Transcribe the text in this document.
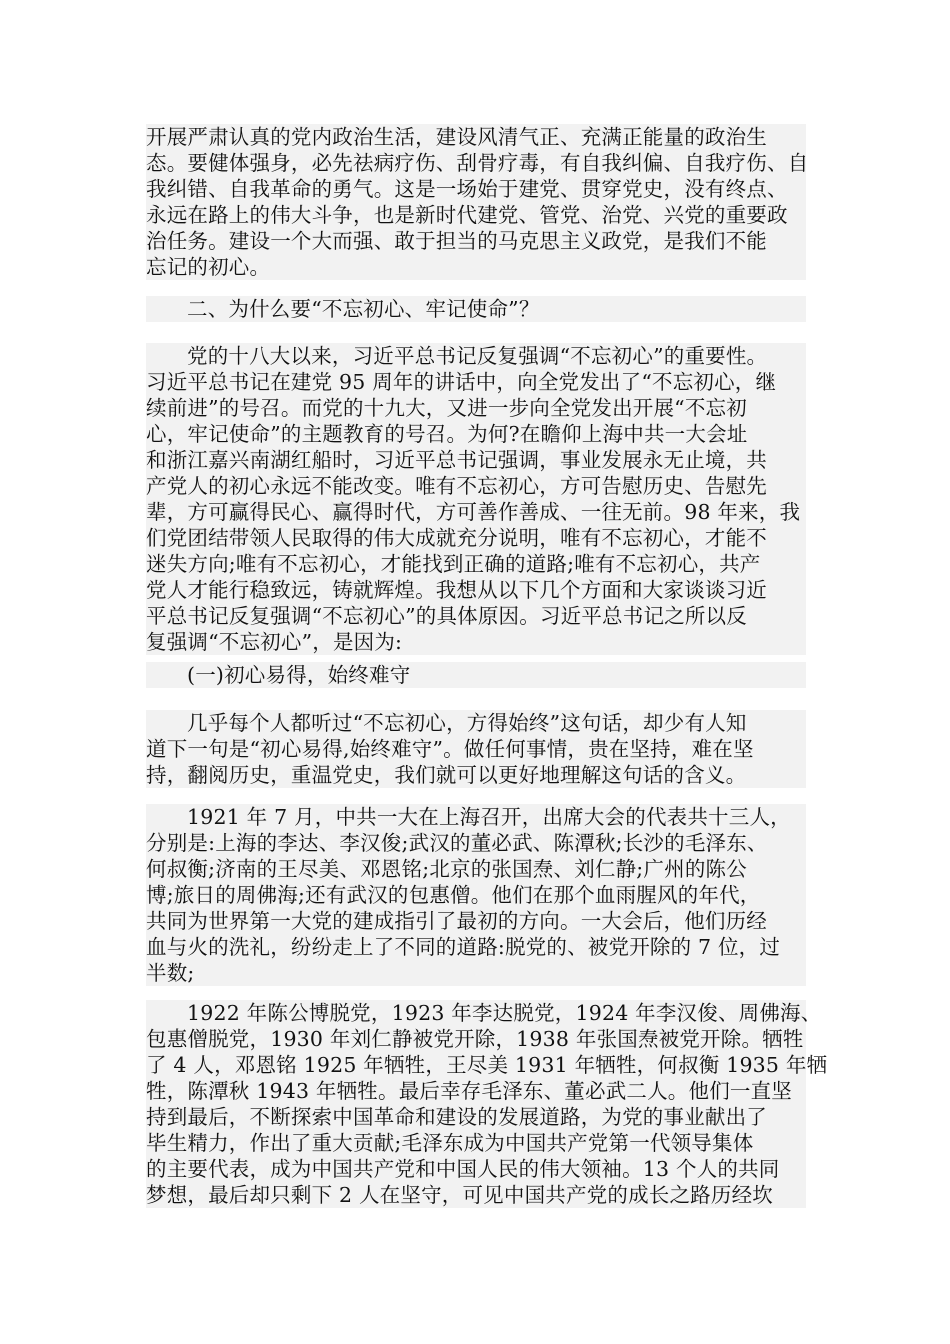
开展严肃认真的党内政治生活，建设风清气正、充满正能量的政治生
态。要健体强身，必先祛病疗伤、刮骨疗毒，有自我纠偏、自我疗伤、自
我纠错、自我革命的勇气。这是一场始于建党、贯穿党史，没有终点、
永远在路上的伟大斗争，也是新时代建党、管党、治党、兴党的重要政
治任务。建设一个大而强、敢于担当的马克思主义政党，是我们不能
忘记的初心。
二、为什么要“不忘初心、牢记使命”？
党的十八大以来，习近平总书记反复强调“不忘初心”的重要性。
习近平总书记在建党 95 周年的讲话中，向全党发出了“不忘初心，继
续前进”的号召。而党的十九大，又进一步向全党发出开展“不忘初
心，牢记使命”的主题教育的号召。为何?在瞻仰上海中共一大会址
和浙江嘉兴南湖红船时，习近平总书记强调，事业发展永无止境，共
产党人的初心永远不能改变。唯有不忘初心，方可告慰历史、告慰先
辈，方可赢得民心、赢得时代，方可善作善成、一往无前。98 年来，我
们党团结带领人民取得的伟大成就充分说明，唯有不忘初心，才能不
迷失方向;唯有不忘初心，才能找到正确的道路;唯有不忘初心，共产
党人才能行稳致远，铸就辉煌。我想从以下几个方面和大家谈谈习近
平总书记反复强调“不忘初心”的具体原因。习近平总书记之所以反
复强调“不忘初心”，是因为:
(一)初心易得，始终难守
几乎每个人都听过“不忘初心，方得始终”这句话，却少有人知
道下一句是“初心易得,始终难守”。做任何事情，贵在坚持，难在坚
持，翻阅历史，重温党史，我们就可以更好地理解这句话的含义。
1921 年 7 月，中共一大在上海召开，出席大会的代表共十三人，
分别是:上海的李达、李汉俊;武汉的董必武、陈潭秋;长沙的毛泽东、
何叔衡;济南的王尽美、邓恩铭;北京的张国焘、刘仁静;广州的陈公
博;旅日的周佛海;还有武汉的包惠僧。他们在那个血雨腥风的年代，
共同为世界第一大党的建成指引了最初的方向。一大会后，他们历经
血与火的洗礼，纷纷走上了不同的道路:脱党的、被党开除的 7 位，过
半数;
1922 年陈公博脱党，1923 年李达脱党，1924 年李汉俊、周佛海、
包惠僧脱党，1930 年刘仁静被党开除，1938 年张国焘被党开除。牺牲
了 4 人，邓恩铭 1925 年牺牲，王尽美 1931 年牺牲，何叔衡 1935 年牺
牲，陈潭秋 1943 年牺牲。最后幸存毛泽东、董必武二人。他们一直坚
持到最后，不断探索中国革命和建设的发展道路，为党的事业献出了
毕生精力，作出了重大贡献;毛泽东成为中国共产党第一代领导集体
的主要代表，成为中国共产党和中国人民的伟大领袖。13 个人的共同
梦想，最后却只剩下 2 人在坚守，可见中国共产党的成长之路历经坎
